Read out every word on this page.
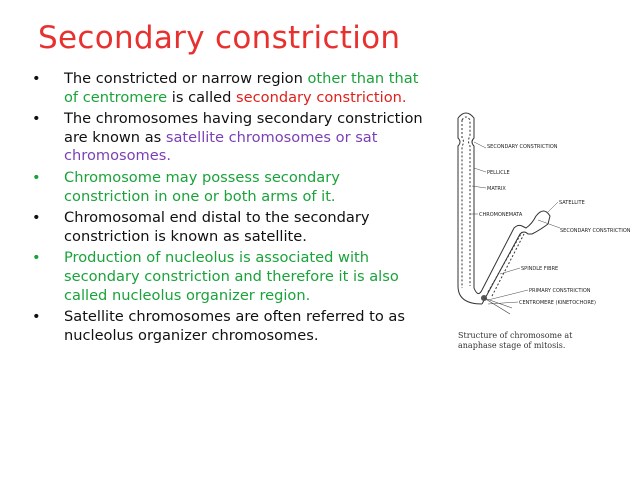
Secondary constriction
• The constricted or narrow region other than that of centromere is called secondary constriction.
• The chromosomes having secondary constriction are known as satellite chromosomes or sat chromosomes.
• Chromosome may possess secondary constriction in one or both arms of it.
• Chromosomal end distal to the secondary constriction is known as satellite.
• Production of nucleolus is associated with secondary constriction and therefore it is also called nucleolus organizer region.
• Satellite chromosomes are often referred to as nucleolus organizer chromosomes.
SECONDARY CONSTRICTION
PELLICLE
MATRIX
SATELLITE
CHROMONEMATA
SECONDARY CONSTRICTION
SPINDLE FIBRE
PRIMARY CONSTRICTION
CENTROMERE (KINETOCHORE)
Structure of chromosome at anaphase stage of mitosis.
